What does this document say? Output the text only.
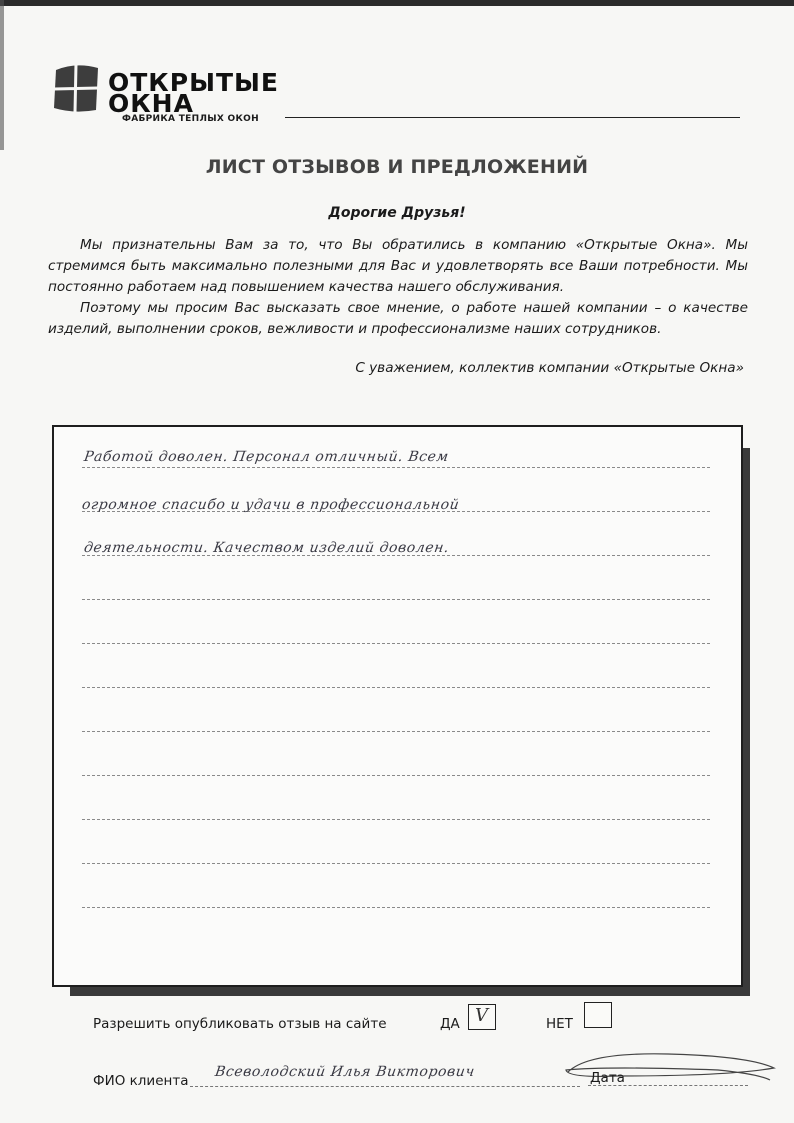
ОТКРЫТЫЕ
ОКНА
ФАБРИКА ТЕПЛЫХ ОКОН
ЛИСТ ОТЗЫВОВ И ПРЕДЛОЖЕНИЙ
Дорогие Друзья!

Мы признательны Вам за то, что Вы обратились в компанию «Открытые Окна». Мы стремимся быть максимально полезными для Вас и удовлетворять все Ваши потребности. Мы постоянно работаем над повышением качества нашего обслуживания.

Поэтому мы просим Вас высказать свое мнение, о работе нашей компании – о качестве изделий, выполнении сроков, вежливости и профессионализме наших сотрудников.

С уважением, коллектив компании «Открытые Окна»
Работой доволен. Персонал отличный. Всем
огромное спасибо и удачи в профессиональной
деятельности. Качеством изделий доволен.
Разрешить опубликовать отзыв на сайте	ДА V	НЕТ
ФИО клиента
Всеволодский Илья Викторович	Дата
